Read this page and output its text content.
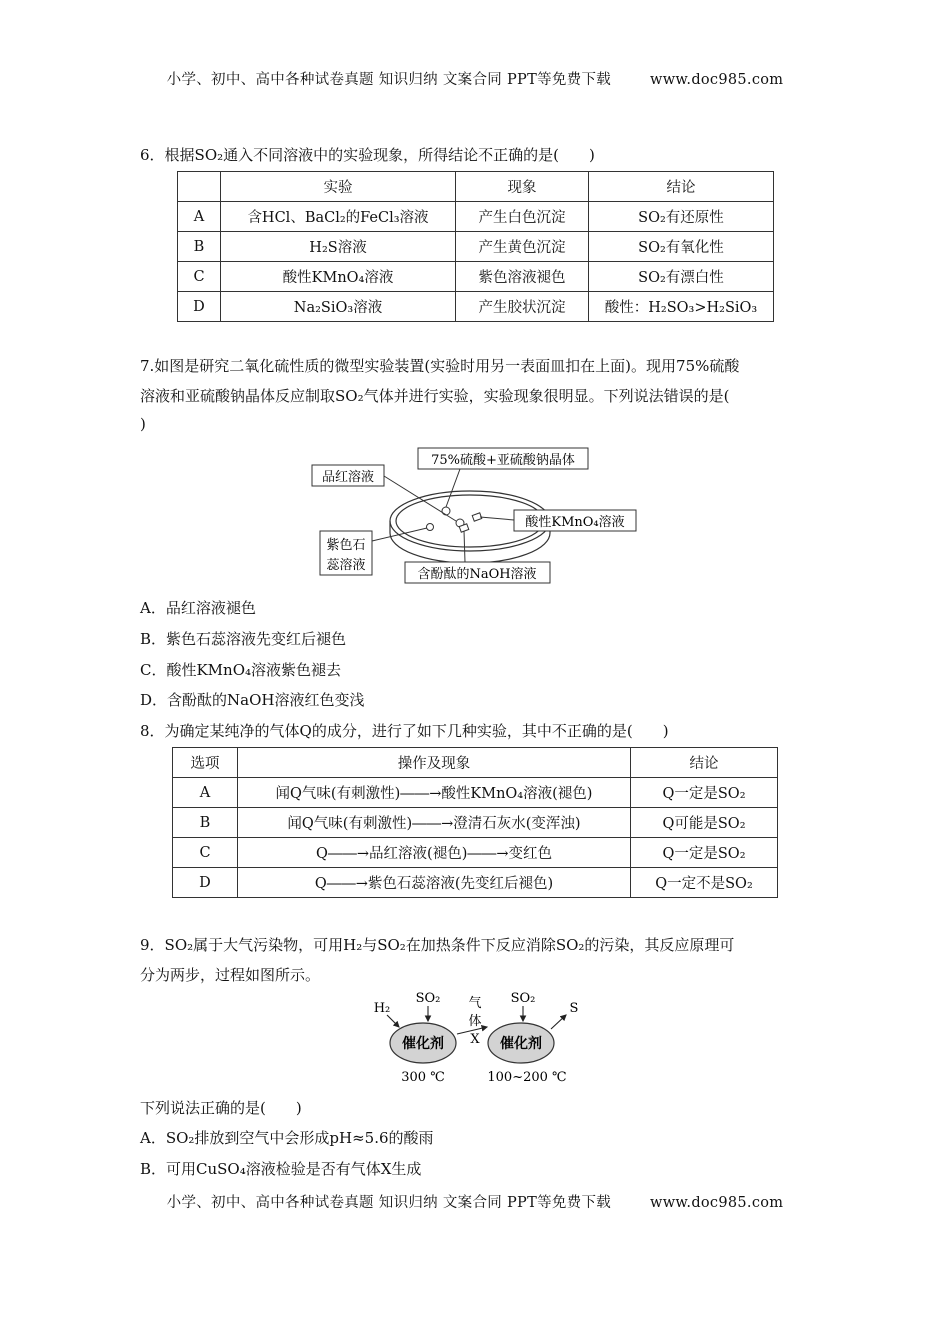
小学、初中、高中各种试卷真题 知识归纳 文案合同 PPT等免费下载	www.doc985.com
6．根据SO₂通入不同溶液中的实验现象，所得结论不正确的是(　　)
	实验	现象	结论
A	含HCl、BaCl₂的FeCl₃溶液	产生白色沉淀	SO₂有还原性
B	H₂S溶液	产生黄色沉淀	SO₂有氧化性
C	酸性KMnO₄溶液	紫色溶液褪色	SO₂有漂白性
D	Na₂SiO₃溶液	产生胶状沉淀	酸性：H₂SO₃>H₂SiO₃
7.如图是研究二氧化硫性质的微型实验装置(实验时用另一表面皿扣在上面)。现用75%硫酸
溶液和亚硫酸钠晶体反应制取SO₂气体并进行实验，实验现象很明显。下列说法错误的是(
)
75%硫酸+亚硫酸钠晶体
品红溶液
酸性KMnO₄溶液
紫色石
蕊溶液
含酚酞的NaOH溶液
A．品红溶液褪色
B．紫色石蕊溶液先变红后褪色
C．酸性KMnO₄溶液紫色褪去
D．含酚酞的NaOH溶液红色变浅
8．为确定某纯净的气体Q的成分，进行了如下几种实验，其中不正确的是(　　)
选项	操作及现象	结论
A	闻Q气味(有刺激性)――→酸性KMnO₄溶液(褪色)	Q一定是SO₂
B	闻Q气味(有刺激性)――→澄清石灰水(变浑浊)	Q可能是SO₂
C	Q――→品红溶液(褪色)――→变红色	Q一定是SO₂
D	Q――→紫色石蕊溶液(先变红后褪色)	Q一定不是SO₂
9．SO₂属于大气污染物，可用H₂与SO₂在加热条件下反应消除SO₂的污染，其反应原理可
分为两步，过程如图所示。
H₂
SO₂	SO₂
气
体
X
催化剂	催化剂
S
300 ℃	100~200 ℃
下列说法正确的是(　　)
A．SO₂排放到空气中会形成pH≈5.6的酸雨
B．可用CuSO₄溶液检验是否有气体X生成
小学、初中、高中各种试卷真题 知识归纳 文案合同 PPT等免费下载	www.doc985.com
